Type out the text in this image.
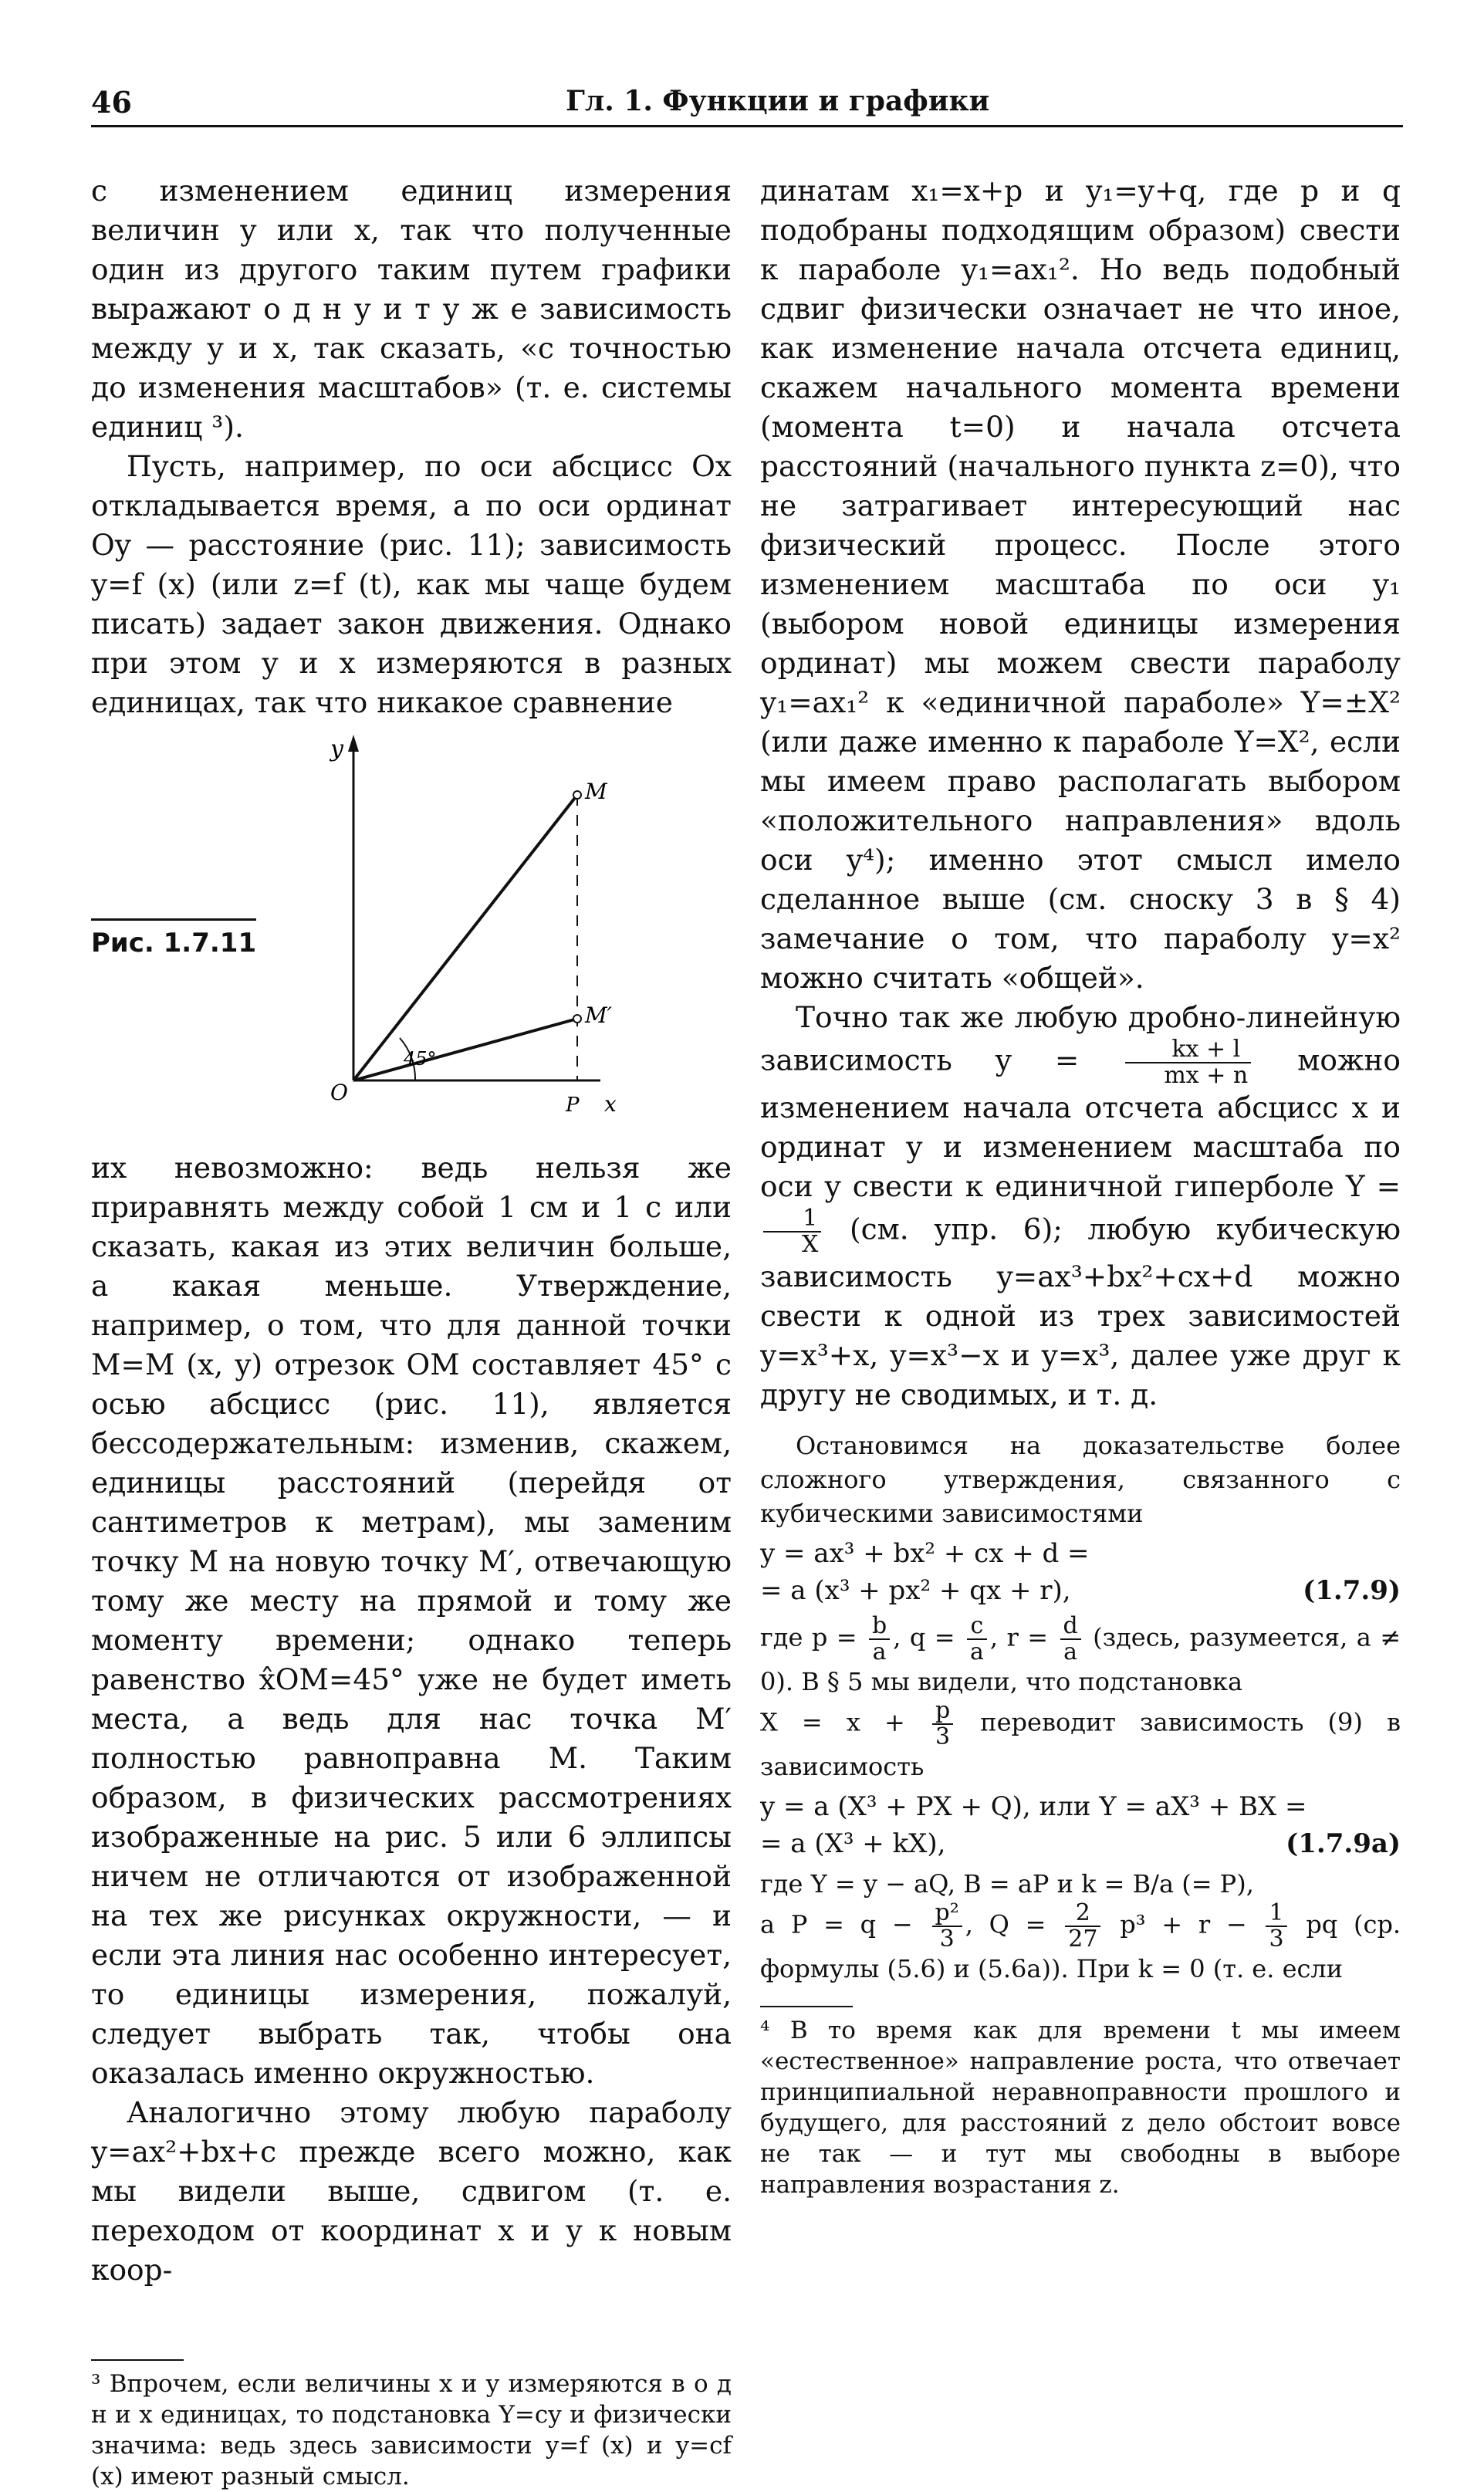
46	Гл. 1. Функции и графики

с изменением единиц измерения величин y или x, так что полученные один из другого таким путем графики выражают о д н у и т у ж е зависимость между y и x, так сказать, «с точностью до изменения масштабов» (т. е. системы единиц ³).

Пусть, например, по оси абсцисс Ox откладывается время, а по оси ординат Oy — расстояние (рис. 11); зависимость y=f (x) (или z=f (t), как мы чаще будем писать) задает закон движения. Однако при этом y и x измеряются в разных единицах, так что никакое сравнение

Рис. 1.7.11
y
O
M
M′
P x
45°

их невозможно: ведь нельзя же приравнять между собой 1 см и 1 с или сказать, какая из этих величин больше, а какая меньше. Утверждение, например, о том, что для данной точки M=M (x, y) отрезок OM составляет 45° с осью абсцисс (рис. 11), является бессодержательным: изменив, скажем, единицы расстояний (перейдя от сантиметров к метрам), мы заменим точку M на новую точку M′, отвечающую тому же месту на прямой и тому же моменту времени; однако теперь равенство x̂OM=45° уже не будет иметь места, а ведь для нас точка M′ полностью равноправна M. Таким образом, в физических рассмотрениях изображенные на рис. 5 или 6 эллипсы ничем не отличаются от изображенной на тех же рисунках окружности, — и если эта линия нас особенно интересует, то единицы измерения, пожалуй, следует выбрать так, чтобы она оказалась именно окружностью.

Аналогично этому любую параболу y=ax²+bx+c прежде всего можно, как мы видели выше, сдвигом (т. е. переходом от координат x и y к новым коор-

³ Впрочем, если величины x и y измеряются в о д н и х единицах, то подстановка Y=cy и физически значима: ведь здесь зависимости y=f (x) и y=cf (x) имеют разный смысл.

динатам x₁=x+p и y₁=y+q, где p и q подобраны подходящим образом) свести к параболе y₁=ax₁². Но ведь подобный сдвиг физически означает не что иное, как изменение начала отсчета единиц, скажем начального момента времени (момента t=0) и начала отсчета расстояний (начального пункта z=0), что не затрагивает интересующий нас физический процесс. После этого изменением масштаба по оси y₁ (выбором новой единицы измерения ординат) мы можем свести параболу y₁=ax₁² к «единичной параболе» Y=±X² (или даже именно к параболе Y=X², если мы имеем право располагать выбором «положительного направления» вдоль оси y⁴); именно этот смысл имело сделанное выше (см. сноску 3 в § 4) замечание о том, что параболу y=x² можно считать «общей».

Точно так же любую дробно-линейную зависимость $y = \frac{kx + l}{mx + n}$ можно изменением начала отсчета абсцисс x и ординат y и изменением масштаба по оси y свести к единичной гиперболе Y =
$\frac{1}{X} (см$. упр. 6); любую кубическую зависимость y=ax³+bx²+cx+d можно свести к одной из трех зависимостей y=x³+x, y=x³−x и y=x³, далее уже друг к другу не сводимых, и т. д.

Остановимся на доказательстве более сложного утверждения, связанного с кубическими зависимостями

y = ax³ + bx² + cx + d =
= a (x³ + px² + qx + r),	(1.7.9)

где $p = \frac{b}{a}$ , $q = \frac{c}{a}$ , $r = \frac{d}{a}$ (здесь, разумеется, a ≠ 0). В § 5 мы видели, что подстановка

$X = x + \frac{p}{3}$ переводит зависимость (9) в зависимость

y = a (X³ + PX + Q), или Y = aX³ + BX =
= a (X³ + kX),	(1.7.9a)

где Y = y − aQ, B = aP и k = B/a (= P),

а $P = q - \frac{\text{p²}}{3}$ , $Q = \frac{2}{27} p^3 + r - \frac{1}{3}$ pq (ср. формулы (5.6) и (5.6а)). При k = 0 (т. е. если

⁴ В то время как для времени t мы имеем «естественное» направление роста, что отвечает принципиальной неравноправности прошлого и будущего, для расстояний z дело обстоит вовсе не так — и тут мы свободны в выборе направления возрастания z.
